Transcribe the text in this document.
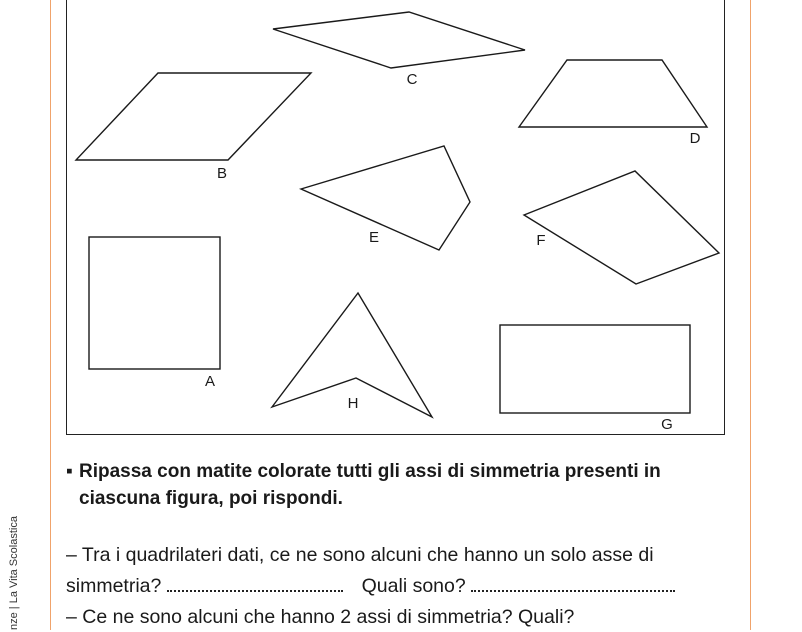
nze | La Vita Scolastica
C
B
D
E	F
A
H
G
▪ Ripassa con matite colorate tutti gli assi di simmetria presenti in ciascuna figura, poi rispondi.
– Tra i quadrilateri dati, ce ne sono alcuni che hanno un solo asse di
simmetria?	Quali sono?
– Ce ne sono alcuni che hanno 2 assi di simmetria? Quali?
